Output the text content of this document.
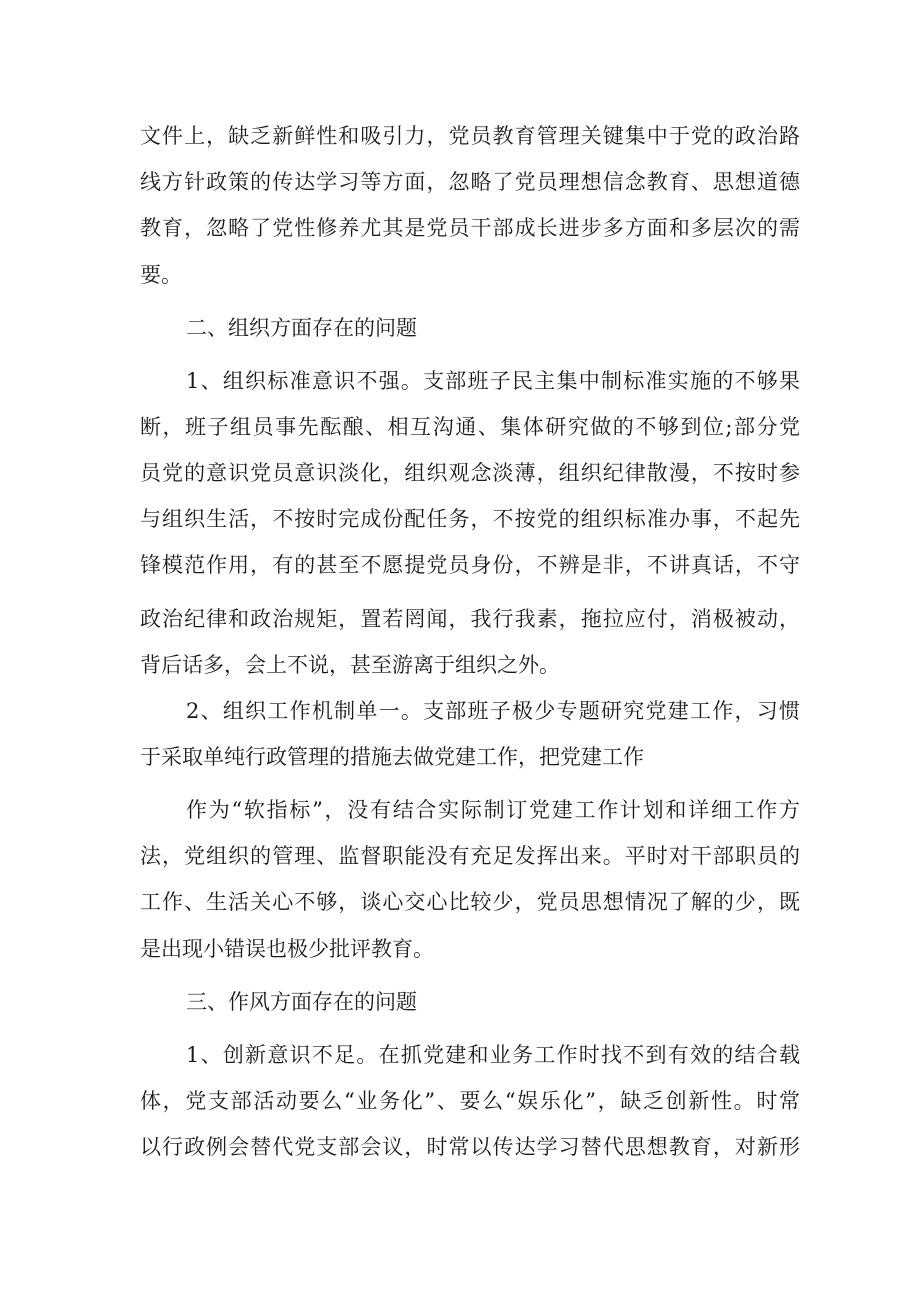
文件上，缺乏新鲜性和吸引力，党员教育管理关键集中于党的政治路
线方针政策的传达学习等方面，忽略了党员理想信念教育、思想道德
教育，忽略了党性修养尤其是党员干部成长进步多方面和多层次的需
要。
二、组织方面存在的问题
1、组织标准意识不强。支部班子民主集中制标准实施的不够果
断，班子组员事先酝酿、相互沟通、集体研究做的不够到位;部分党
员党的意识党员意识淡化，组织观念淡薄，组织纪律散漫，不按时参
与组织生活，不按时完成份配任务，不按党的组织标准办事，不起先
锋模范作用，有的甚至不愿提党员身份，不辨是非，不讲真话，不守
政治纪律和政治规矩，置若罔闻，我行我素，拖拉应付，消极被动，
背后话多，会上不说，甚至游离于组织之外。
2、组织工作机制单一。支部班子极少专题研究党建工作，习惯
于采取单纯行政管理的措施去做党建工作，把党建工作
作为“软指标”，没有结合实际制订党建工作计划和详细工作方
法，党组织的管理、监督职能没有充足发挥出来。平时对干部职员的
工作、生活关心不够，谈心交心比较少，党员思想情况了解的少，既
是出现小错误也极少批评教育。
三、作风方面存在的问题
1、创新意识不足。在抓党建和业务工作时找不到有效的结合载
体，党支部活动要么“业务化”、要么“娱乐化”，缺乏创新性。时常
以行政例会替代党支部会议，时常以传达学习替代思想教育，对新形
